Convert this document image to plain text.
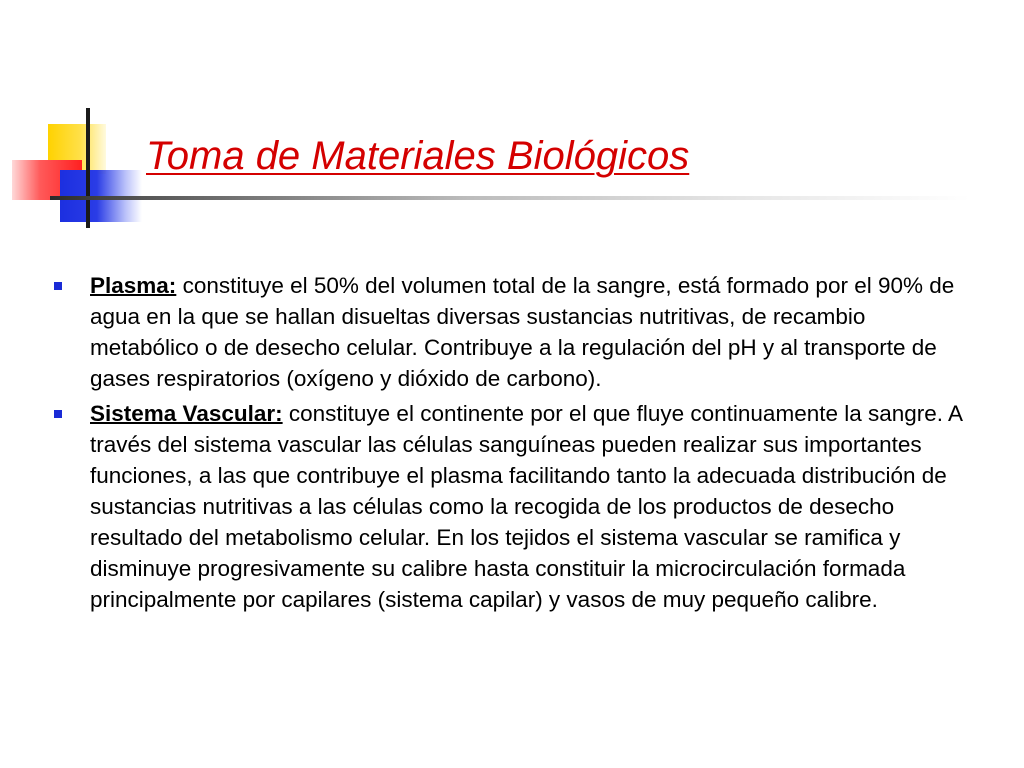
Toma de Materiales Biológicos
Plasma: constituye el 50% del volumen total de la sangre, está formado por el 90% de agua en la que se hallan disueltas diversas sustancias nutritivas, de recambio metabólico o de desecho celular. Contribuye a la regulación del pH y al transporte de gases respiratorios (oxígeno y dióxido de carbono).
Sistema Vascular: constituye el continente por el que fluye continuamente la sangre. A través del sistema vascular las células sanguíneas pueden realizar sus importantes funciones, a las que contribuye el plasma facilitando tanto la adecuada distribución de sustancias nutritivas a las células como la recogida de los productos de desecho resultado del metabolismo celular. En los tejidos el sistema vascular se ramifica y disminuye progresivamente su calibre hasta constituir la microcirculación formada principalmente por capilares (sistema capilar) y vasos de muy pequeño calibre.
